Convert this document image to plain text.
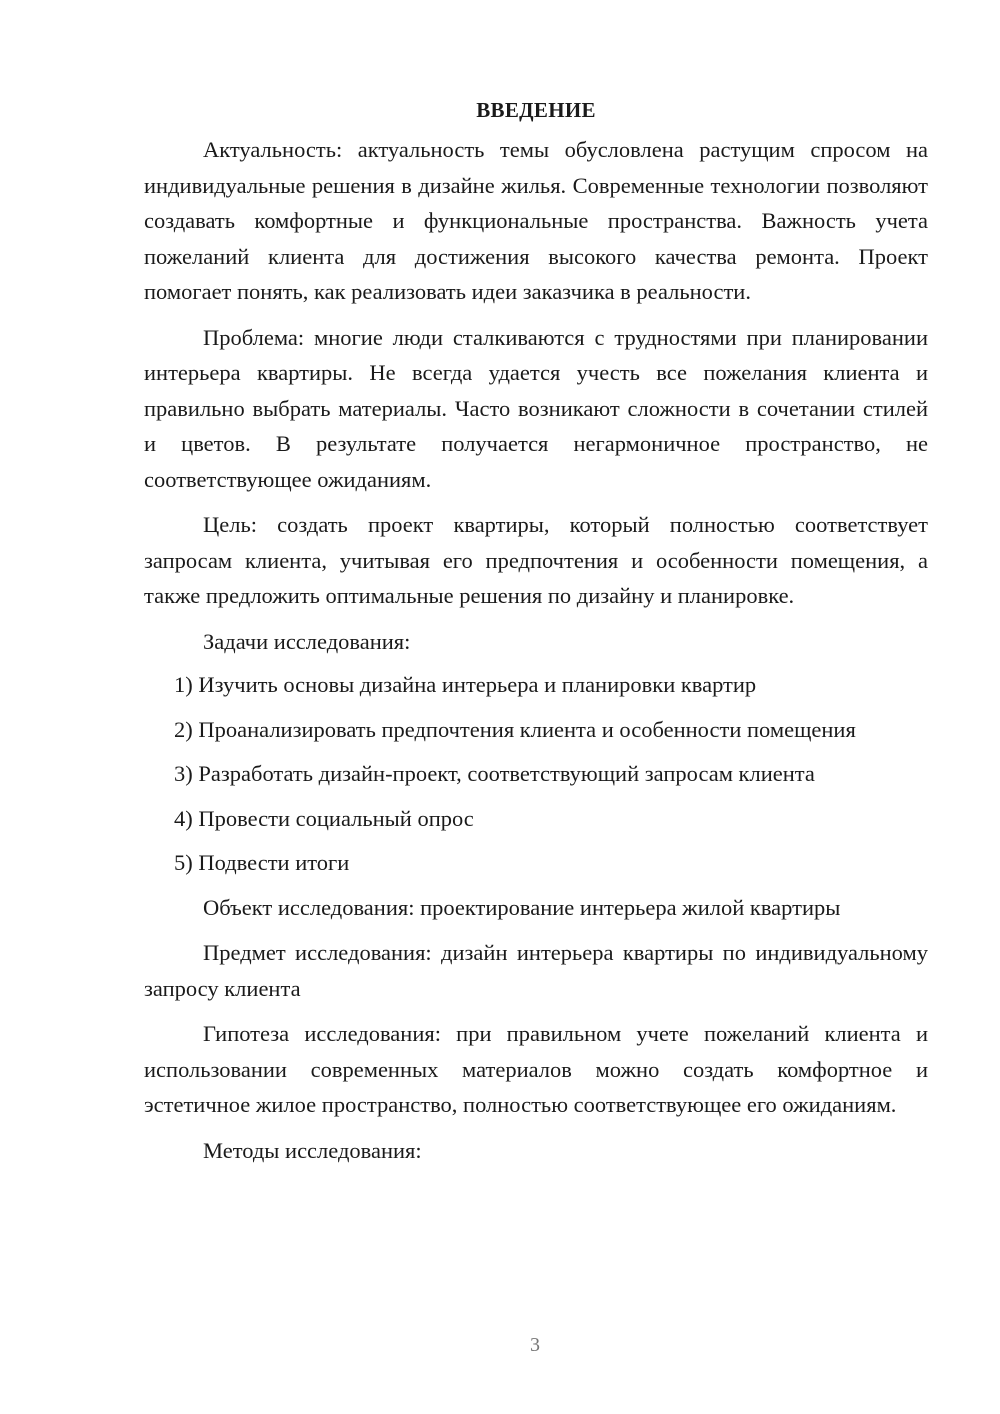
ВВЕДЕНИЕ

Актуальность: актуальность темы обусловлена растущим спросом на индивидуальные решения в дизайне жилья. Современные технологии позволяют создавать комфортные и функциональные пространства. Важность учета пожеланий клиента для достижения высокого качества ремонта. Проект помогает понять, как реализовать идеи заказчика в реальности.

Проблема: многие люди сталкиваются с трудностями при планировании интерьера квартиры. Не всегда удается учесть все пожелания клиента и правильно выбрать материалы. Часто возникают сложности в сочетании стилей и цветов. В результате получается негармоничное пространство, не соответствующее ожиданиям.

Цель: создать проект квартиры, который полностью соответствует запросам клиента, учитывая его предпочтения и особенности помещения, а также предложить оптимальные решения по дизайну и планировке.

Задачи исследования:

1) Изучить основы дизайна интерьера и планировки квартир

2) Проанализировать предпочтения клиента и особенности помещения

3) Разработать дизайн-проект, соответствующий запросам клиента

4) Провести социальный опрос

5) Подвести итоги

Объект исследования: проектирование интерьера жилой квартиры

Предмет исследования: дизайн интерьера квартиры по индивидуальному запросу клиента

Гипотеза исследования: при правильном учете пожеланий клиента и использовании современных материалов можно создать комфортное и эстетичное жилое пространство, полностью соответствующее его ожиданиям.

Методы исследования:

3
